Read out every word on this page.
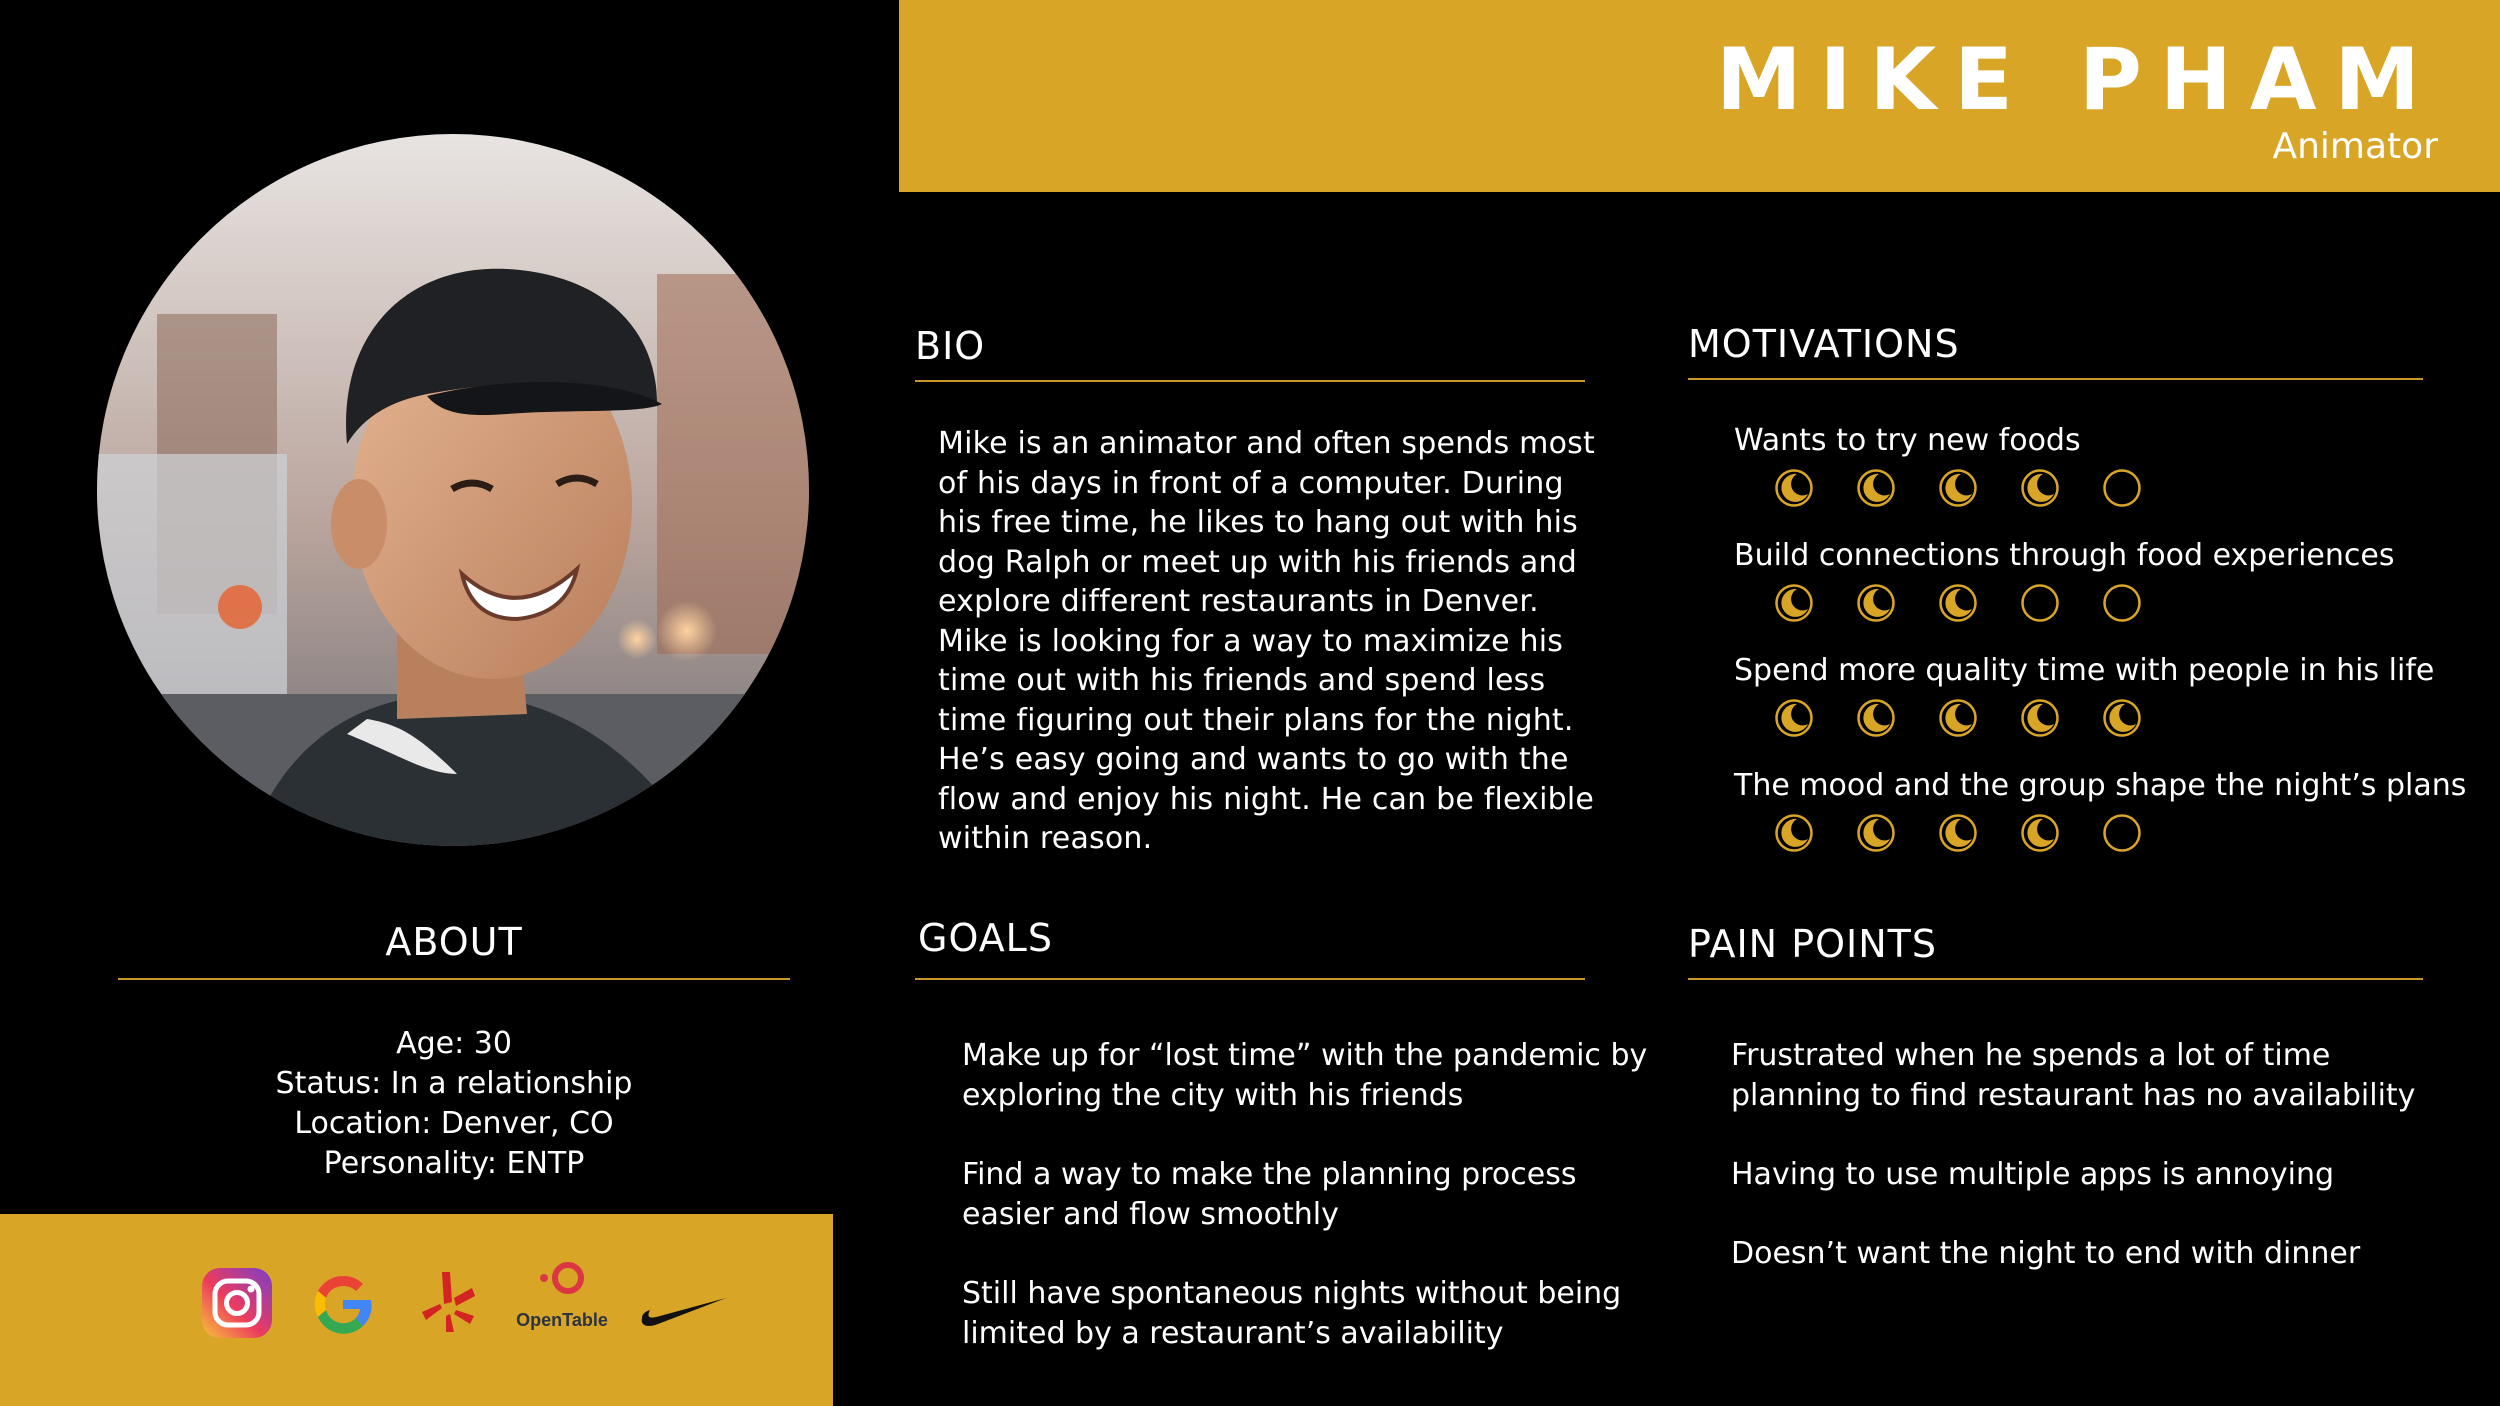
MIKE PHAM
Animator
ABOUT
Age: 30
Status: In a relationship
Location: Denver, CO
Personality: ENTP
OpenTable
BIO
Mike is an animator and often spends most
of his days in front of a computer. During
his free time, he likes to hang out with his
dog Ralph or meet up with his friends and
explore different restaurants in Denver.
Mike is looking for a way to maximize his
time out with his friends and spend less
time figuring out their plans for the night.
He’s easy going and wants to go with the
flow and enjoy his night. He can be flexible
within reason.
GOALS
Make up for “lost time” with the pandemic by
exploring the city with his friends
Find a way to make the planning process
easier and flow smoothly
Still have spontaneous nights without being
limited by a restaurant’s availability
MOTIVATIONS
Wants to try new foods
Build connections through food experiences
Spend more quality time with people in his life
The mood and the group shape the night’s plans
PAIN POINTS
Frustrated when he spends a lot of time
planning to find restaurant has no availability
Having to use multiple apps is annoying
Doesn’t want the night to end with dinner
